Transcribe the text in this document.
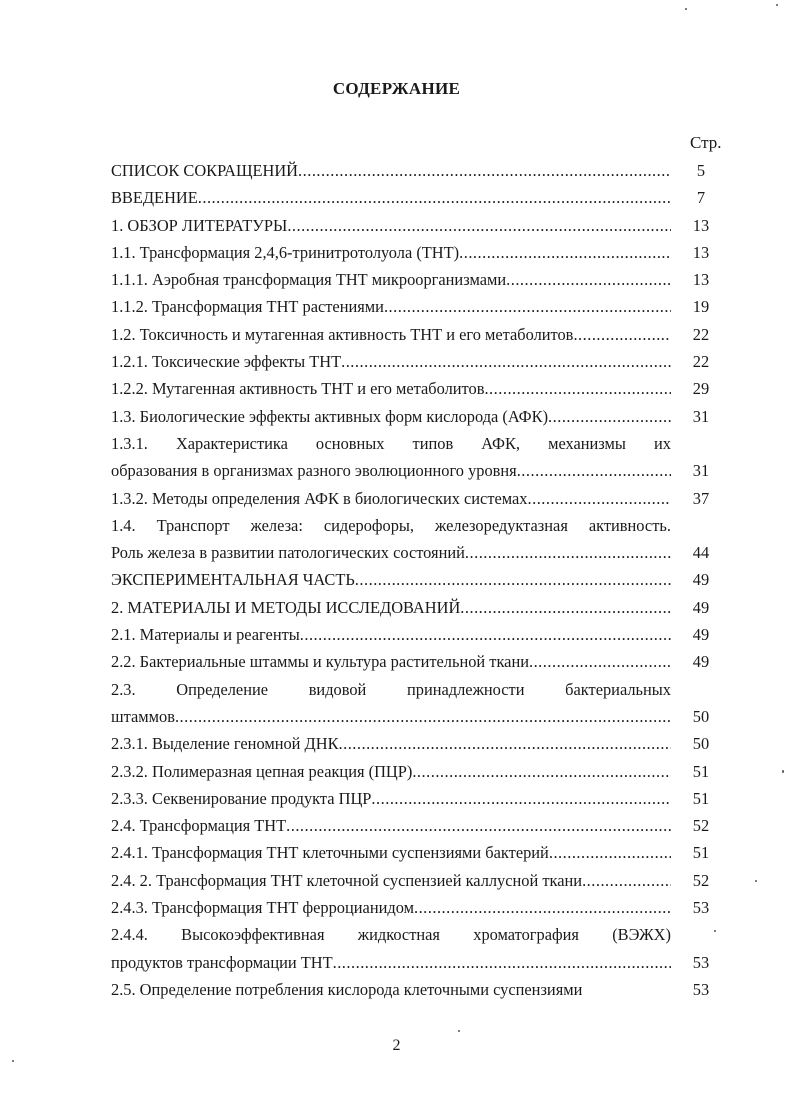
СОДЕРЖАНИЕ
Стр.
СПИСОК СОКРАЩЕНИЙ .....	5
ВВЕДЕНИЕ .....	7
1. ОБЗОР ЛИТЕРАТУРЫ .....	13
1.1. Трансформация 2,4,6-тринитротолуола (ТНТ) .....	13
1.1.1. Аэробная трансформация ТНТ микроорганизмами .....	13
1.1.2. Трансформация ТНТ растениями .....	19
1.2. Токсичность и мутагенная активность ТНТ и его метаболитов .....	22
1.2.1. Токсические эффекты ТНТ .....	22
1.2.2. Мутагенная активность ТНТ и его метаболитов .....	29
1.3. Биологические эффекты активных форм кислорода (АФК) .....	31
1.3.1. Характеристика основных типов АФК, механизмы их
образования в организмах разного эволюционного уровня .....	31
1.3.2. Методы определения АФК в биологических системах .....	37
1.4. Транспорт железа: сидерофоры, железоредуктазная активность.
Роль железа в развитии патологических состояний .....	44
ЭКСПЕРИМЕНТАЛЬНАЯ ЧАСТЬ .....	49
2. МАТЕРИАЛЫ И МЕТОДЫ ИССЛЕДОВАНИЙ .....	49
2.1. Материалы и реагенты .....	49
2.2. Бактериальные штаммы и культура растительной ткани .....	49
2.3. Определение видовой принадлежности бактериальных
штаммов .....	50
2.3.1. Выделение геномной ДНК .....	50
2.3.2. Полимеразная цепная реакция (ПЦР) .....	51
2.3.3. Секвенирование продукта ПЦР .....	51
2.4. Трансформация ТНТ .....	52
2.4.1. Трансформация ТНТ клеточными суспензиями бактерий .....	51
2.4. 2. Трансформация ТНТ клеточной суспензией каллусной ткани .....	52
2.4.3. Трансформация ТНТ ферроцианидом .....	53
2.4.4. Высокоэффективная жидкостная хроматография (ВЭЖХ)
продуктов трансформации ТНТ .....	53
2.5. Определение потребления кислорода клеточными суспензиями	53
2
